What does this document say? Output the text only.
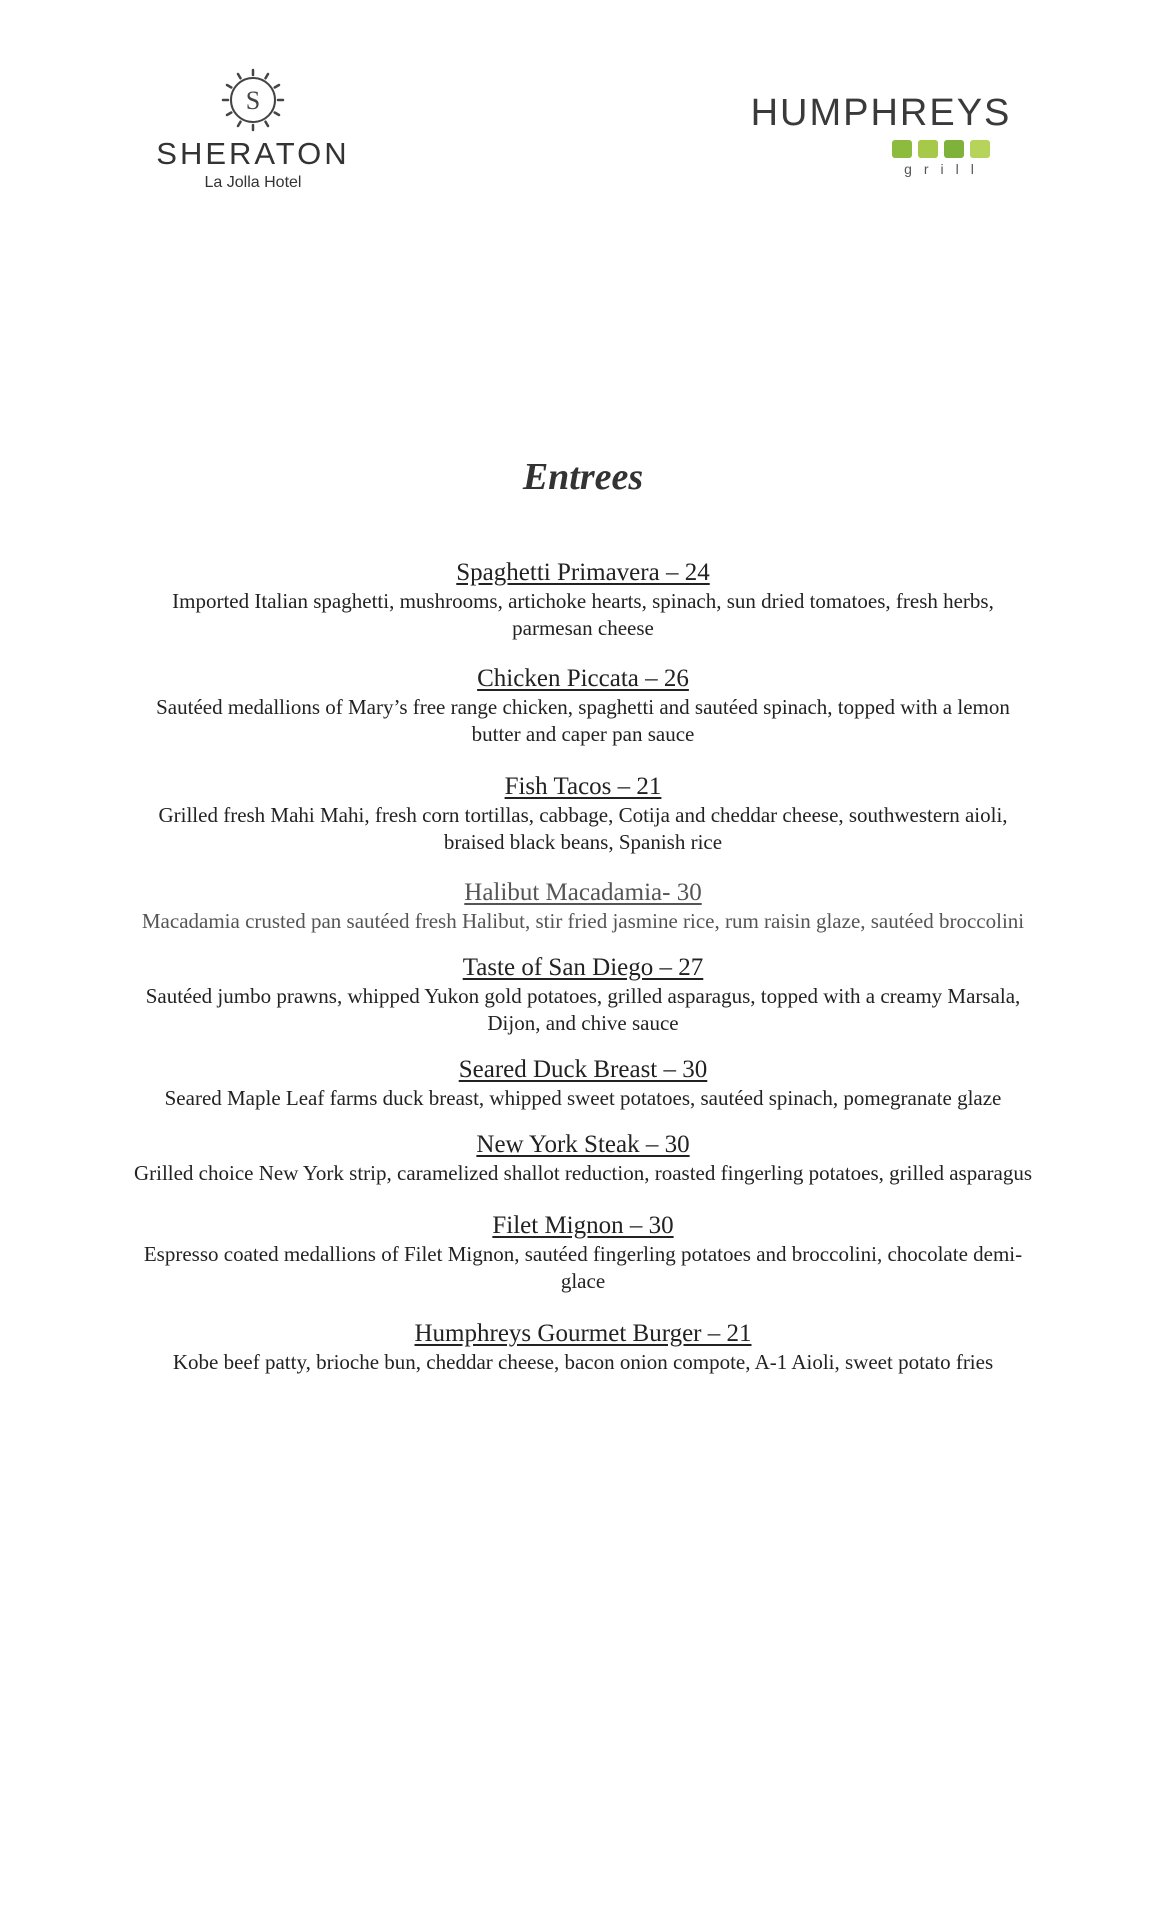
S
SHERATON
La Jolla Hotel
HUMPHREYS
grill
Entrees
Spaghetti Primavera – 24
Imported Italian spaghetti, mushrooms, artichoke hearts, spinach, sun dried tomatoes, fresh herbs, parmesan cheese
Chicken Piccata – 26
Sautéed medallions of Mary’s free range chicken, spaghetti and sautéed spinach, topped with a lemon butter and caper pan sauce
Fish Tacos – 21
Grilled fresh Mahi Mahi, fresh corn tortillas, cabbage, Cotija and cheddar cheese, southwestern aioli, braised black beans, Spanish rice
Halibut Macadamia- 30
Macadamia crusted pan sautéed fresh Halibut, stir fried jasmine rice, rum raisin glaze, sautéed broccolini
Taste of San Diego – 27
Sautéed jumbo prawns, whipped Yukon gold potatoes, grilled asparagus, topped with a creamy Marsala, Dijon, and chive sauce
Seared Duck Breast – 30
Seared Maple Leaf farms duck breast, whipped sweet potatoes, sautéed spinach, pomegranate glaze
New York Steak – 30
Grilled choice New York strip, caramelized shallot reduction, roasted fingerling potatoes, grilled asparagus
Filet Mignon – 30
Espresso coated medallions of Filet Mignon, sautéed fingerling potatoes and broccolini, chocolate demi-glace
Humphreys Gourmet Burger – 21
Kobe beef patty, brioche bun, cheddar cheese, bacon onion compote, A-1 Aioli, sweet potato fries
